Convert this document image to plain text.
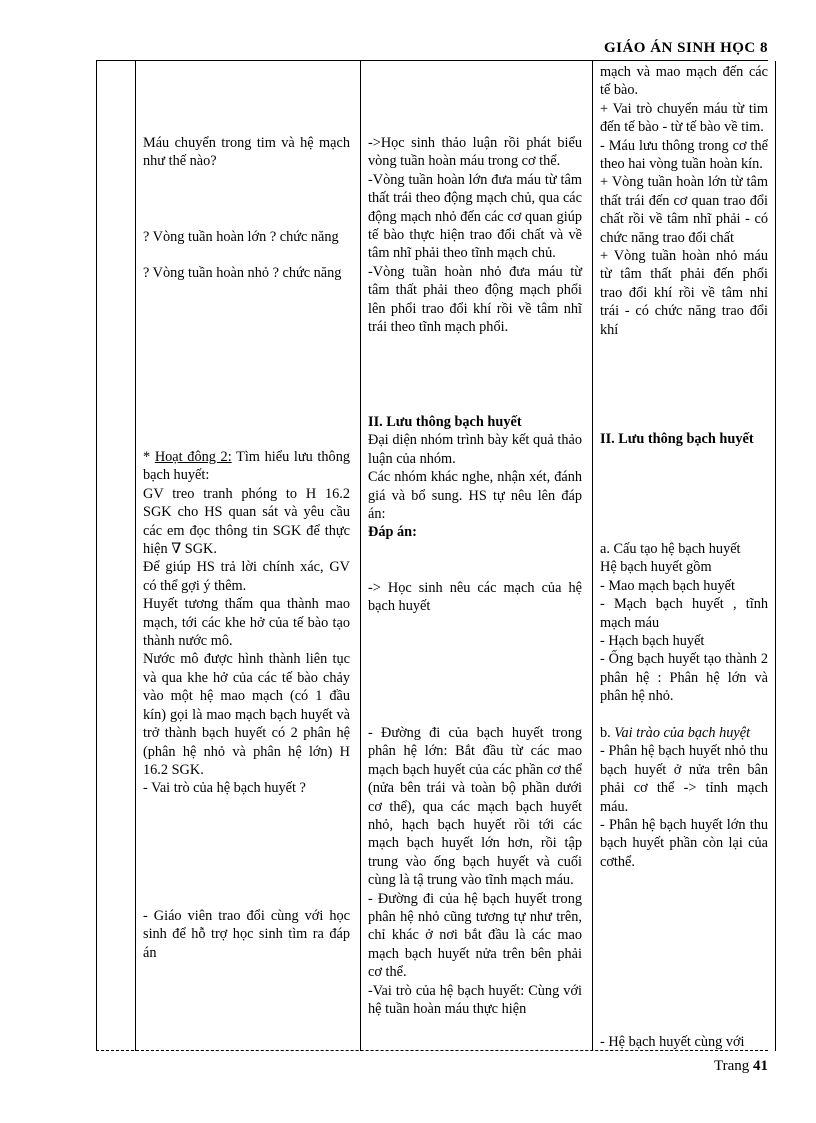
GIÁO ÁN SINH HỌC 8

Máu chuyển trong tim và hệ mạch như thế nào?

? Vòng tuần hoàn lớn ? chức năng

? Vòng tuần hoàn nhỏ ? chức năng

* Hoạt đông 2: Tìm hiểu lưu thông bạch huyết:

GV treo tranh phóng to H 16.2 SGK cho HS quan sát và yêu cầu các em đọc thông tin SGK để thực hiện ∇ SGK.

Để giúp HS trả lời chính xác, GV có thể gợi ý thêm.

Huyết tương thấm qua thành mao mạch, tới các khe hở của tế bào tạo thành nước mô.

Nước mô được hình thành liên tục và qua khe hở của các tế bào chảy vào một hệ mao mạch (có 1 đầu kín) gọi là mao mạch bạch huyết và trở thành bạch huyết có 2 phân hệ (phân hệ nhỏ và phân hệ lớn) H 16.2 SGK.

- Vai trò của hệ bạch huyết ?

- Giáo viên trao đổi cùng với học sinh để hỗ trợ học sinh tìm ra đáp án

->Học sinh thảo luận rồi phát biểu vòng tuần hoàn máu trong cơ thể.

-Vòng tuần hoàn lớn đưa máu từ tâm thất trái theo động mạch chủ, qua các động mạch nhỏ đến các cơ quan giúp tế bào thực hiện trao đổi chất và về tâm nhĩ phải theo tĩnh mạch chủ.

-Vòng tuần hoàn nhỏ đưa máu từ tâm thất phải theo động mạch phổi lên phổi trao đổi khí rồi về tâm nhĩ trái theo tĩnh mạch phổi.

II. Lưu thông bạch huyết

Đại diện nhóm trình bày kết quả thảo luận của nhóm.

Các nhóm khác nghe, nhận xét, đánh giá và bổ sung. HS tự nêu lên đáp án:

Đáp án:

-> Học sinh nêu các mạch của hệ bạch huyết

- Đường đi của bạch huyết trong phân hệ lớn: Bắt đầu từ các mao mạch bạch huyết của các phần cơ thể (nửa bên trái và toàn bộ phần dưới cơ thể), qua các mạch bạch huyết nhỏ, hạch bạch huyết rồi tới các mạch bạch huyết lớn hơn, rồi tập trung vào ống bạch huyết và cuối cùng là tậ trung vào tĩnh mạch máu.

- Đường đi của hệ bạch huyết trong phân hệ nhỏ cũng tương tự như trên, chỉ khác ở nơi bắt đầu là các mao mạch bạch huyết nửa trên bên phải cơ thể.

-Vai trò của hệ bạch huyết: Cùng với hệ tuần hoàn máu thực hiện

mạch và mao mạch đến các tế bào.

+ Vai trò chuyển máu từ tim đến tế bào - từ tế bào về tim.

- Máu lưu thông trong cơ thể theo hai vòng tuần hoàn kín.

+ Vòng tuần hoàn lớn từ tâm thất trái đến cơ quan trao đổi chất rồi về tâm nhĩ phải - có chức năng trao đổi chất

+ Vòng tuần hoàn nhỏ máu từ tâm thất phải đến phổi trao đổi khí rồi về tâm nhỉ trái - có chức năng trao đổi khí

II. Lưu thông bạch huyết

a. Cấu tạo hệ bạch huyết

Hệ bạch huyết gồm

- Mao mạch bạch huyết

- Mạch bạch huyết , tĩnh mạch máu

- Hạch bạch huyết

- Ống bạch huyết tạo thành 2 phân hệ : Phân hệ lớn và phân hệ nhỏ.

b. Vai trào của bạch huyệt

- Phân hệ bạch huyết nhỏ thu bạch huyết ở nửa trên bân phải cơ thể -> tỉnh mạch máu.

- Phân hệ bạch huyết lớn thu bạch huyết phần còn lại của cơthể.

- Hệ bạch huyết cùng với

Trang 41
